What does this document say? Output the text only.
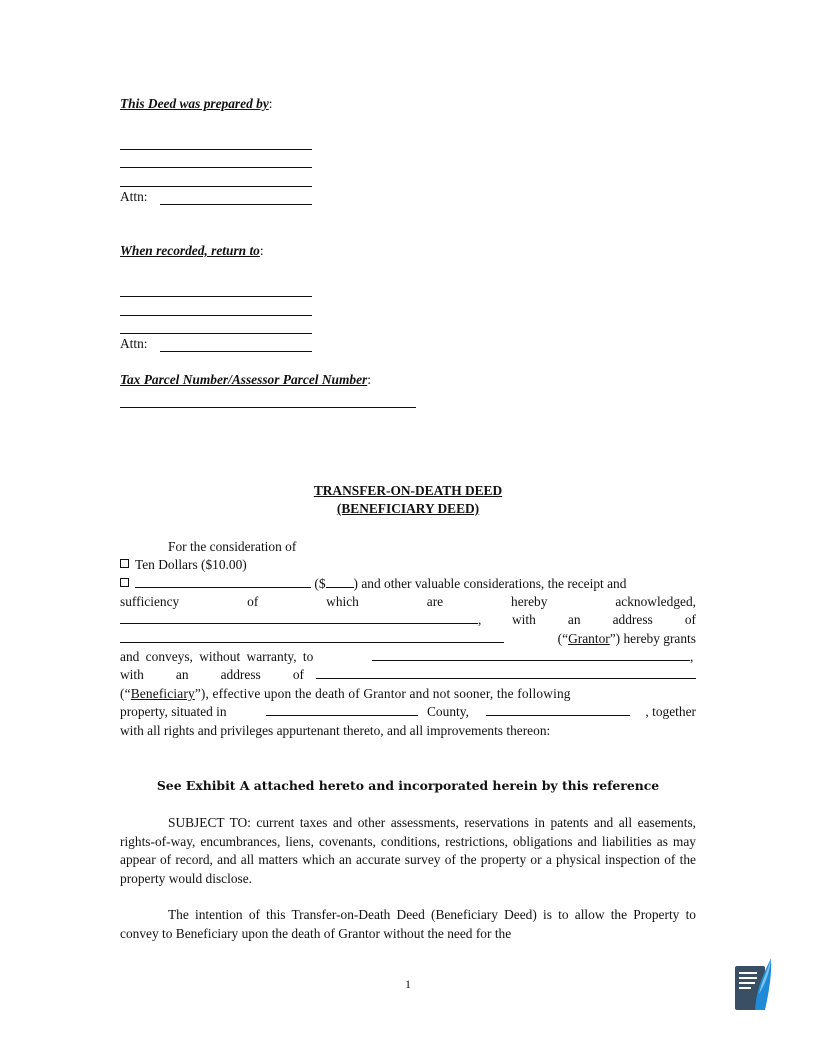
This Deed was prepared by:
Attn:
When recorded, return to:
Attn:
Tax Parcel Number/Assessor Parcel Number:
TRANSFER-ON-DEATH DEED
(BENEFICIARY DEED)
For the consideration of
Ten Dollars ($10.00)
($ ) and other valuable considerations, the receipt and
sufficiency	of	which	are	hereby	acknowledged,
, with an address of
(“Grantor”) hereby grants
and conveys, without warranty, to	,
with an address of
(“Beneficiary”), effective upon the death of Grantor and not sooner, the following
property, situated in	County,	, together
with all rights and privileges appurtenant thereto, and all improvements thereon:
See Exhibit A attached hereto and incorporated herein by this reference
SUBJECT TO: current taxes and other assessments, reservations in patents and all easements, rights-of-way, encumbrances, liens, covenants, conditions, restrictions, obligations and liabilities as may appear of record, and all matters which an accurate survey of the property or a physical inspection of the property would disclose.
The intention of this Transfer-on-Death Deed (Beneficiary Deed) is to allow the Property to convey to Beneficiary upon the death of Grantor without the need for the
1
